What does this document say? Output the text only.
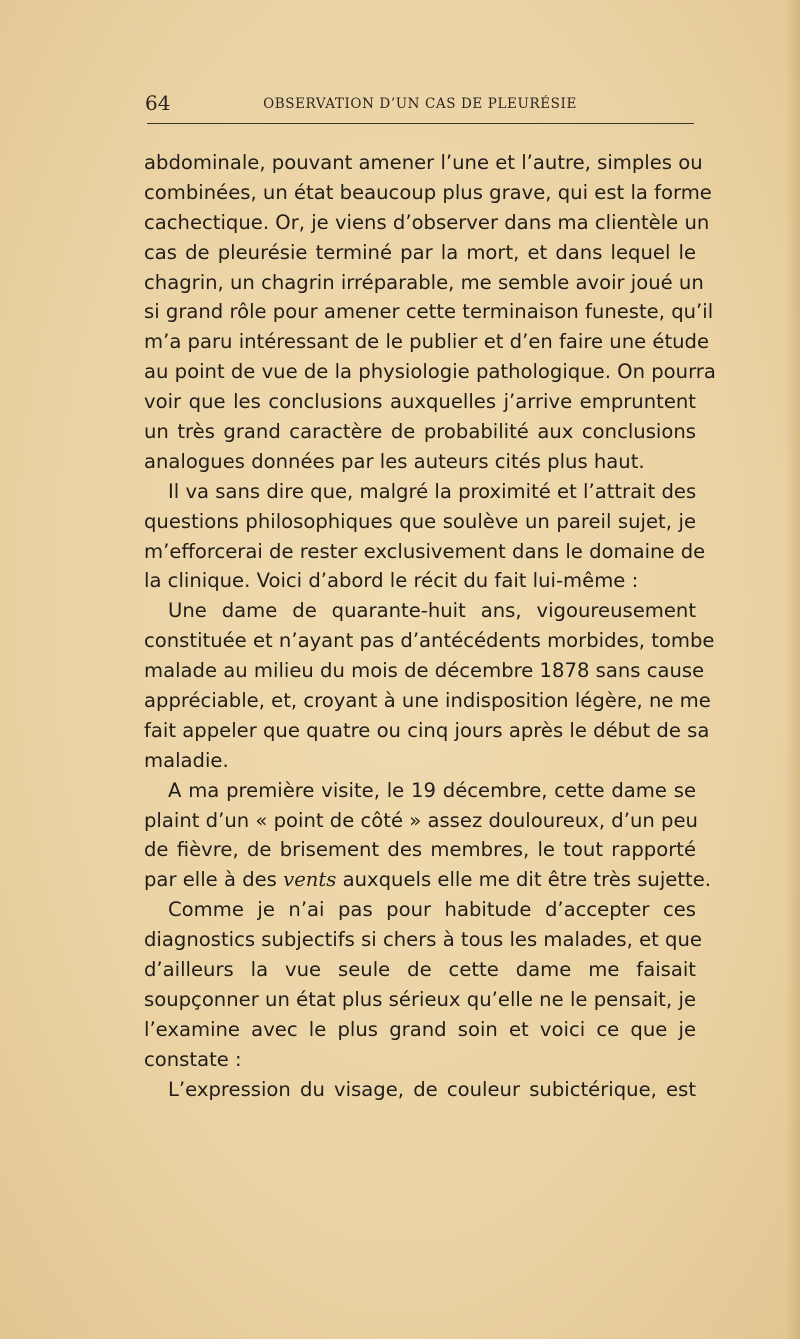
64	OBSERVATION D’UN CAS DE PLEURÉSIE
abdominale, pouvant amener l’une et l’autre, simples ou
combinées, un état beaucoup plus grave, qui est la forme
cachectique. Or, je viens d’observer dans ma clientèle un
cas de pleurésie terminé par la mort, et dans lequel le
chagrin, un chagrin irréparable, me semble avoir joué un
si grand rôle pour amener cette terminaison funeste, qu’il
m’a paru intéressant de le publier et d’en faire une étude
au point de vue de la physiologie pathologique. On pourra
voir que les conclusions auxquelles j’arrive empruntent
un très grand caractère de probabilité aux conclusions
analogues données par les auteurs cités plus haut.
Il va sans dire que, malgré la proximité et l’attrait des
questions philosophiques que soulève un pareil sujet, je
m’efforcerai de rester exclusivement dans le domaine de
la clinique. Voici d’abord le récit du fait lui-même :
Une dame de quarante-huit ans, vigoureusement
constituée et n’ayant pas d’antécédents morbides, tombe
malade au milieu du mois de décembre 1878 sans cause
appréciable, et, croyant à une indisposition légère, ne me
fait appeler que quatre ou cinq jours après le début de sa
maladie.
A ma première visite, le 19 décembre, cette dame se
plaint d’un « point de côté » assez douloureux, d’un peu
de fièvre, de brisement des membres, le tout rapporté
par elle à des vents auxquels elle me dit être très sujette.
Comme je n’ai pas pour habitude d’accepter ces
diagnostics subjectifs si chers à tous les malades, et que
d’ailleurs la vue seule de cette dame me faisait
soupçonner un état plus sérieux qu’elle ne le pensait, je
l’examine avec le plus grand soin et voici ce que je
constate :
L’expression du visage, de couleur subictérique, est
